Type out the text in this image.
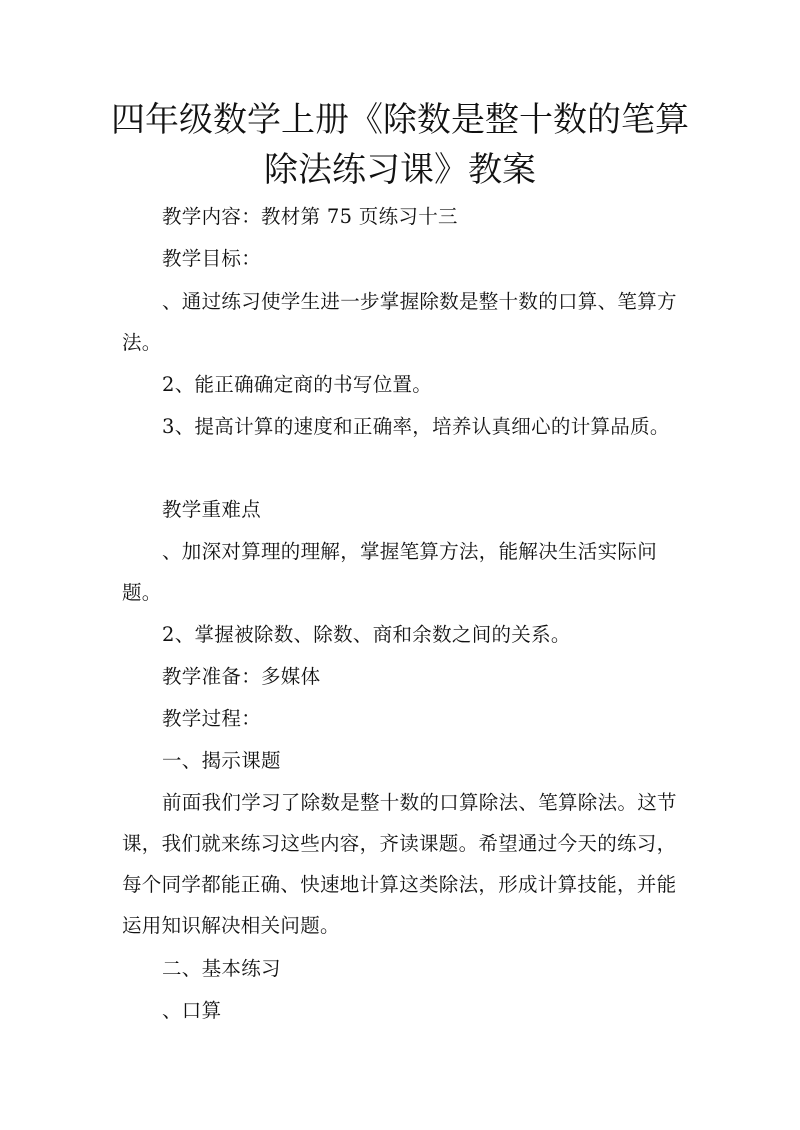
四年级数学上册《除数是整十数的笔算
除法练习课》教案

教学内容：教材第 75 页练习十三

教学目标：

、通过练习使学生进一步掌握除数是整十数的口算、笔算方法。

2、能正确确定商的书写位置。

3、提高计算的速度和正确率，培养认真细心的计算品质。

教学重难点

、加深对算理的理解，掌握笔算方法，能解决生活实际问题。

2、掌握被除数、除数、商和余数之间的关系。

教学准备：多媒体

教学过程：

一、揭示课题

前面我们学习了除数是整十数的口算除法、笔算除法。这节课，我们就来练习这些内容，齐读课题。希望通过今天的练习，每个同学都能正确、快速地计算这类除法，形成计算技能，并能运用知识解决相关问题。

二、基本练习

、口算
